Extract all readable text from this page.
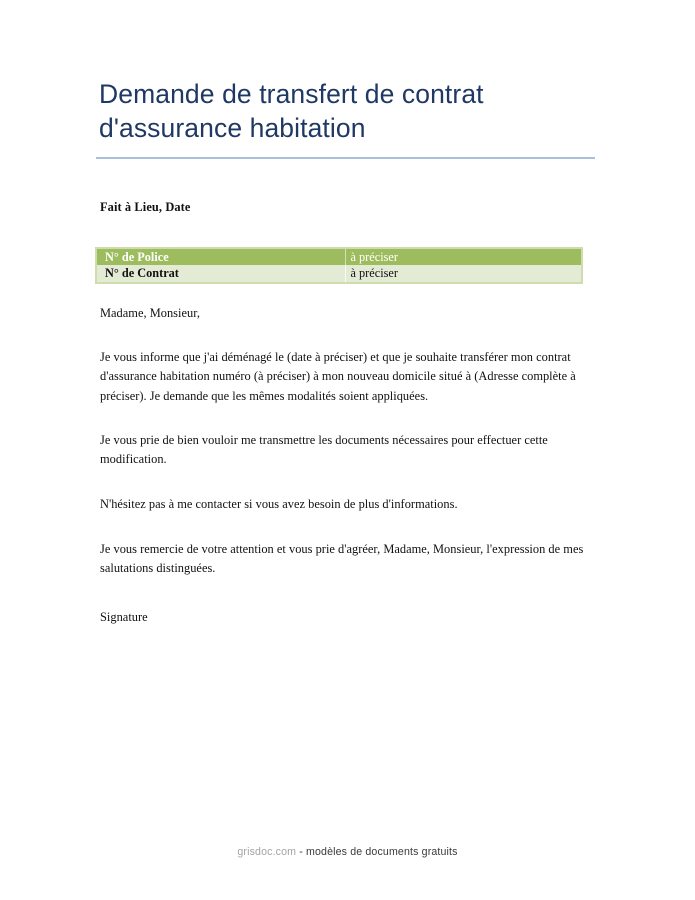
Demande de transfert de contrat
d'assurance habitation
Fait à Lieu, Date
N° de Police	à préciser
N° de Contrat	à préciser
Madame, Monsieur,
Je vous informe que j'ai déménagé le (date à préciser) et que je souhaite transférer mon contrat d'assurance habitation numéro (à préciser) à mon nouveau domicile situé à (Adresse complète à préciser). Je demande que les mêmes modalités soient appliquées.
Je vous prie de bien vouloir me transmettre les documents nécessaires pour effectuer cette modification.
N'hésitez pas à me contacter si vous avez besoin de plus d'informations.
Je vous remercie de votre attention et vous prie d'agréer, Madame, Monsieur, l'expression de mes salutations distinguées.
Signature
grisdoc.com - modèles de documents gratuits
